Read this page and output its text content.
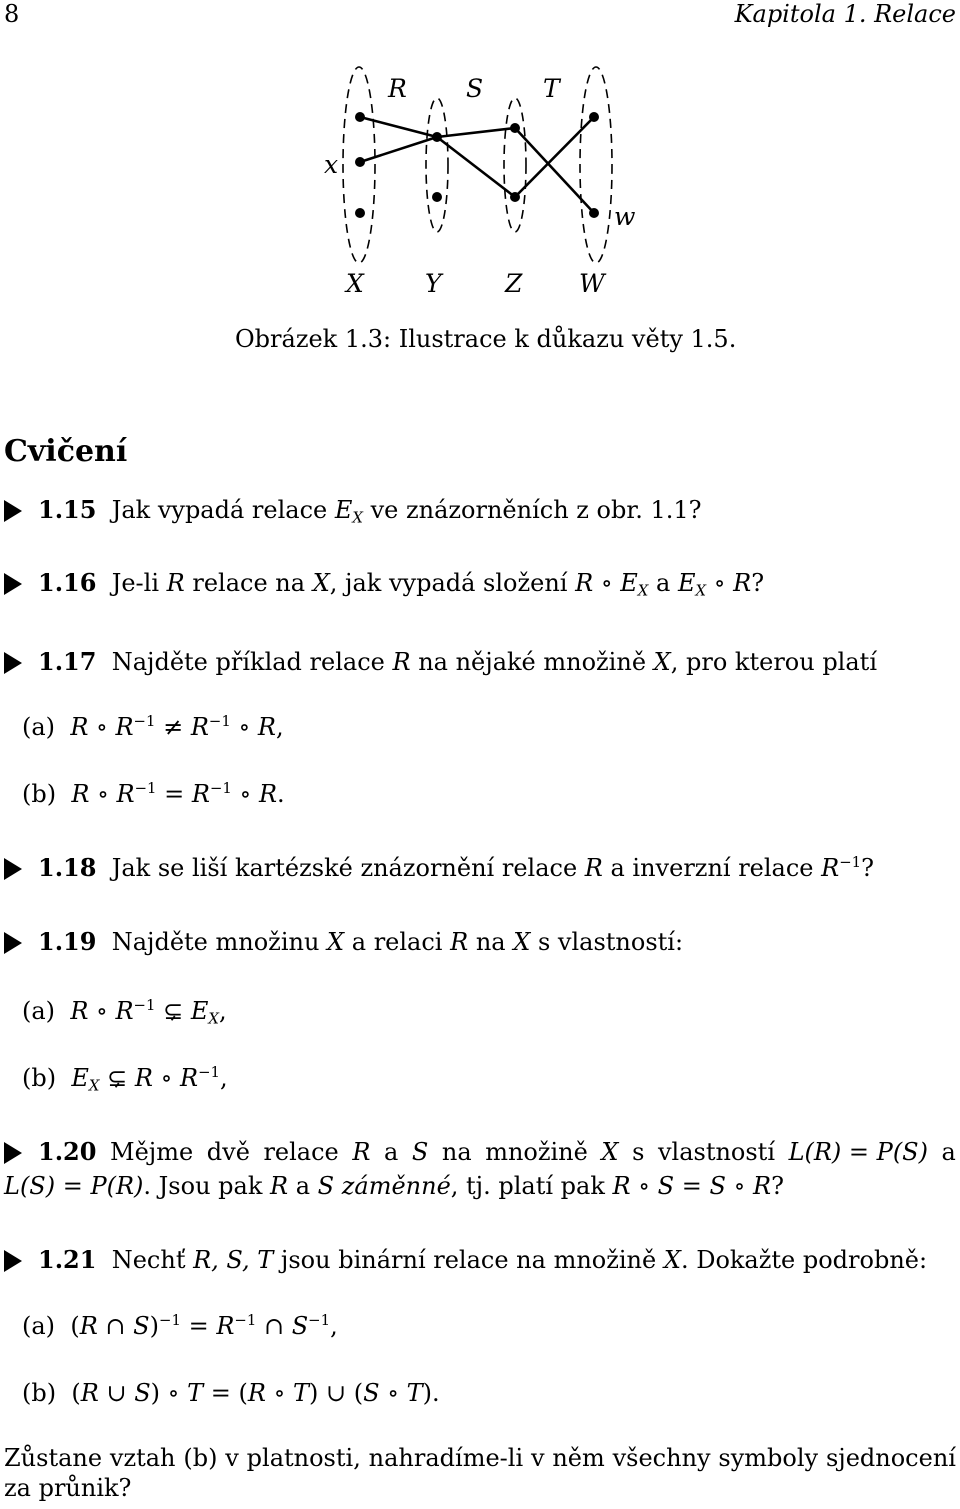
8	Kapitola 1. Relace
R S T
x
w
X Y	Z W
Obrázek 1.3: Ilustrace k důkazu věty 1.5.
Cvičení
1.15 Jak vypadá relace $E_X$ ve znázorněních z obr. 1.1?
1.16 Je-li R relace na X, jak vypadá složení R ∘ $E_X$ a $E_X$ ∘ R?
1.17 Najděte příklad relace R na nějaké množině X, pro kterou platí
(a) R ∘ $R^{-1} \ne R^{-1}$ ∘ R,
(b) R ∘ $R^{-1} = R^{-1}$ ∘ R.
1.18 Jak se liší kartézské znázornění relace R a inverzní relace $R^{-1}$?
1.19 Najděte množinu X a relaci R na X s vlastností:
(a) R ∘ $R^{-1}$ ⊊ $E_X$,
(b) $E_X$ ⊊ R ∘ $R^{-1}$,
1.20 Mějme dvě relace R a S na množině X s vlastností L(R) = P(S) a
L(S) = P(R). Jsou pak R a S záměnné, tj. platí pak R ∘ S = S ∘ R?
1.21 Nechť R, S, T jsou binární relace na množině X. Dokažte podrobně:
(a) (R ∩ $S)^{-1} = R^{-1}$ ∩ $S^{-1}$,
(b) (R ∪ S) ∘ T = (R ∘ T) ∪ (S ∘ T).
Zůstane vztah (b) v platnosti, nahradíme-li v něm všechny symboly sjednocení
za průnik?
